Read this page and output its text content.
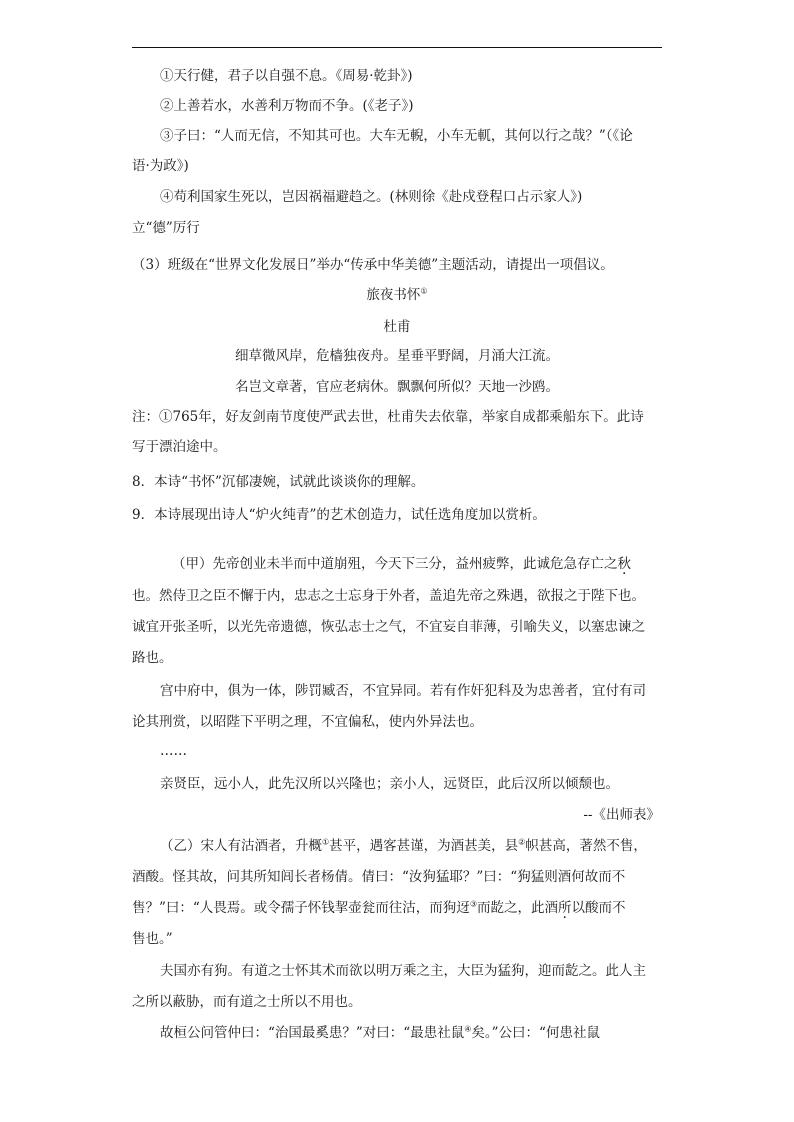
①天行健，君子以自强不息。《周易·乾卦》)
②上善若水，水善利万物而不争。(《老子》)
③子曰：“人而无信，不知其可也。大车无輗，小车无軏，其何以行之哉？”（《论
语·为政》)
④苟利国家生死以，岂因祸福避趋之。(林则徐《赴戍登程口占示家人》)
立“德”厉行
（3）班级在“世界文化发展日”举办“传承中华美德”主题活动，请提出一项倡议。
旅夜书怀①
杜甫
细草微风岸，危樯独夜舟。星垂平野阔，月涌大江流。
名岂文章著，官应老病休。飘飘何所似？天地一沙鸥。
注：①765年，好友剑南节度使严武去世，杜甫失去依靠，举家自成都乘船东下。此诗
写于漂泊途中。
8．本诗“书怀”沉郁凄婉，试就此谈谈你的理解。
9．本诗展现出诗人“炉火纯青”的艺术创造力，试任选角度加以赏析。
（甲）先帝创业未半而中道崩殂，今天下三分，益州疲弊，此诚危急存亡之秋
也。然侍卫之臣不懈于内，忠志之士忘身于外者，盖追先帝之殊遇，欲报之于陛下也。
诚宜开张圣听，以光先帝遗德，恢弘志士之气，不宜妄自菲薄，引喻失义，以塞忠谏之
路也。
宫中府中，俱为一体，陟罚臧否，不宜异同。若有作奸犯科及为忠善者，宜付有司
论其刑赏，以昭陛下平明之理，不宜偏私，使内外异法也。
……
亲贤臣，远小人，此先汉所以兴隆也；亲小人，远贤臣，此后汉所以倾颓也。
--《出师表》
（乙）宋人有沽酒者，升概①甚平，遇客甚谨，为酒甚美，县②帜甚高，著然不售，
酒酸。怪其故，问其所知闾长者杨倩。倩曰：“汝狗猛耶？”曰：“狗猛则酒何故而不
售？”曰：“人畏焉。或令孺子怀钱挈壶瓮而往沽，而狗迓③而龁之，此酒所以酸而不
售也。”
夫国亦有狗。有道之士怀其术而欲以明万乘之主，大臣为猛狗，迎而龁之。此人主
之所以蔽胁，而有道之士所以不用也。
故桓公问管仲曰：“治国最奚患？”对曰：“最患社鼠④矣。”公曰：“何患社鼠
